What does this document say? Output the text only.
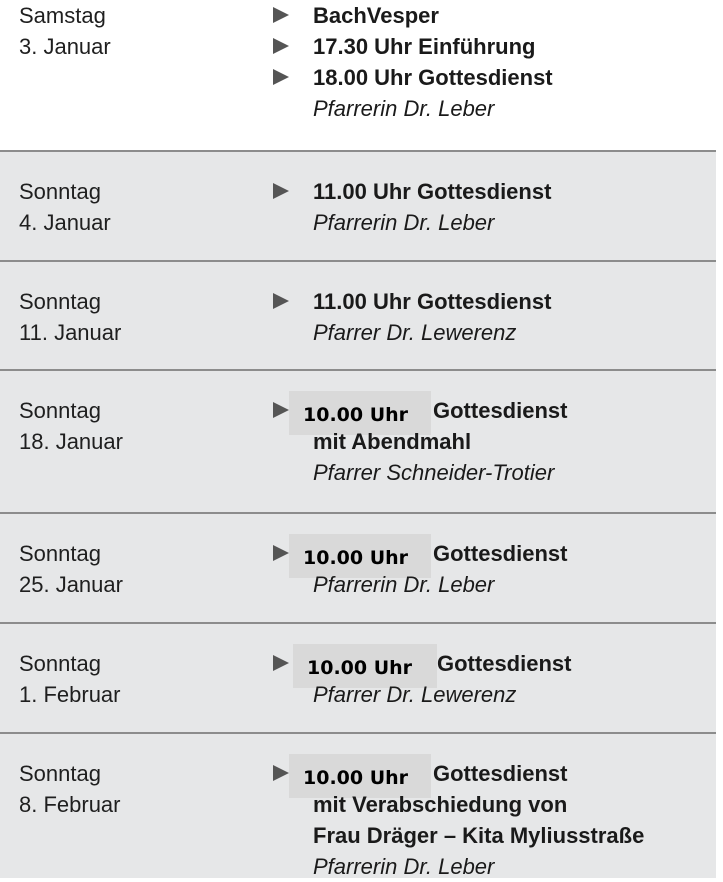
Samstag
3. Januar
BachVesper
17.30 Uhr Einführung
18.00 Uhr Gottesdienst
Pfarrerin Dr. Leber
Sonntag
4. Januar
11.00 Uhr Gottesdienst
Pfarrerin Dr. Leber
Sonntag
11. Januar
11.00 Uhr Gottesdienst
Pfarrer Dr. Lewerenz
Sonntag
18. Januar
10.00 Uhr	Gottesdienst
mit Abendmahl
Pfarrer Schneider-Trotier
Sonntag
25. Januar
10.00 Uhr	Gottesdienst
Pfarrerin Dr. Leber
Sonntag
1. Februar
10.00 Uhr	Gottesdienst
Pfarrer Dr. Lewerenz
Sonntag
8. Februar
10.00 Uhr	Gottesdienst
mit Verabschiedung von
Frau Dräger – Kita Myliusstraße
Pfarrerin Dr. Leber
